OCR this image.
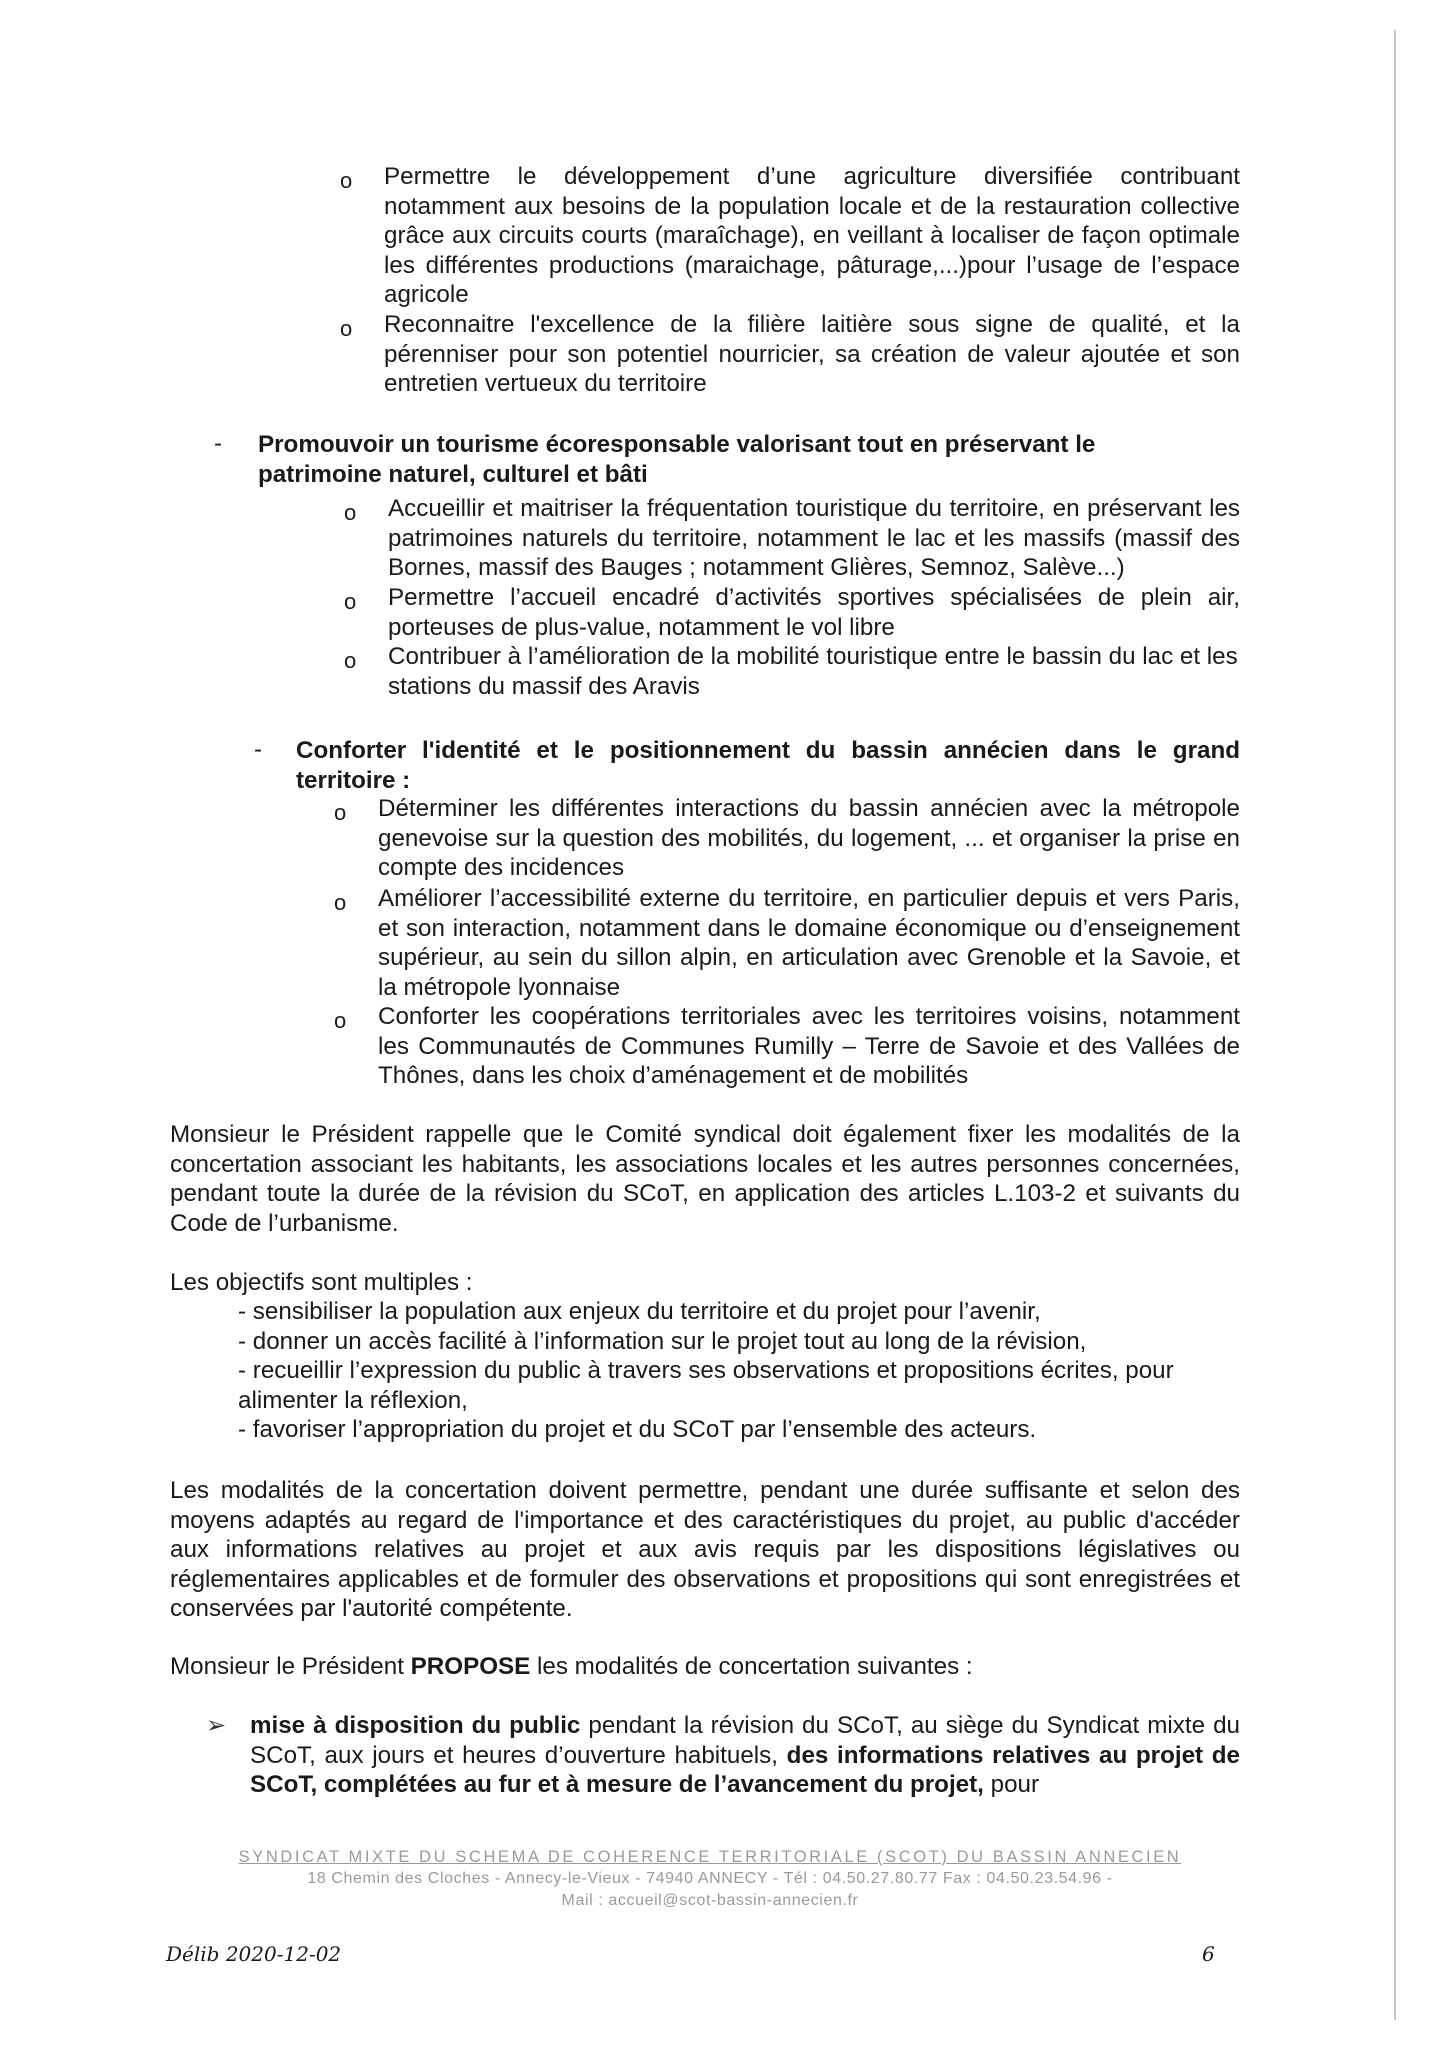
o Permettre le développement d’une agriculture diversifiée contribuant notamment aux besoins de la population locale et de la restauration collective grâce aux circuits courts (maraîchage), en veillant à localiser de façon optimale les différentes productions (maraichage, pâturage,...)pour l’usage de l’espace agricole
o Reconnaitre l'excellence de la filière laitière sous signe de qualité, et la pérenniser pour son potentiel nourricier, sa création de valeur ajoutée et son entretien vertueux du territoire
- Promouvoir un tourisme écoresponsable valorisant tout en préservant le patrimoine naturel, culturel et bâti
o Accueillir et maitriser la fréquentation touristique du territoire, en préservant les patrimoines naturels du territoire, notamment le lac et les massifs (massif des Bornes, massif des Bauges ; notamment Glières, Semnoz, Salève...)
o Permettre l’accueil encadré d’activités sportives spécialisées de plein air, porteuses de plus-value, notamment le vol libre
o Contribuer à l’amélioration de la mobilité touristique entre le bassin du lac et les stations du massif des Aravis
- Conforter l'identité et le positionnement du bassin annécien dans le grand territoire :
o Déterminer les différentes interactions du bassin annécien avec la métropole genevoise sur la question des mobilités, du logement, ... et organiser la prise en compte des incidences
o Améliorer l’accessibilité externe du territoire, en particulier depuis et vers Paris, et son interaction, notamment dans le domaine économique ou d’enseignement supérieur, au sein du sillon alpin, en articulation avec Grenoble et la Savoie, et la métropole lyonnaise
o Conforter les coopérations territoriales avec les territoires voisins, notamment les Communautés de Communes Rumilly – Terre de Savoie et des Vallées de Thônes, dans les choix d’aménagement et de mobilités
Monsieur le Président rappelle que le Comité syndical doit également fixer les modalités de la concertation associant les habitants, les associations locales et les autres personnes concernées, pendant toute la durée de la révision du SCoT, en application des articles L.103-2 et suivants du Code de l’urbanisme.
Les objectifs sont multiples :
- sensibiliser la population aux enjeux du territoire et du projet pour l’avenir,
- donner un accès facilité à l’information sur le projet tout au long de la révision,
- recueillir l’expression du public à travers ses observations et propositions écrites, pour alimenter la réflexion,
- favoriser l’appropriation du projet et du SCoT par l’ensemble des acteurs.
Les modalités de la concertation doivent permettre, pendant une durée suffisante et selon des moyens adaptés au regard de l'importance et des caractéristiques du projet, au public d'accéder aux informations relatives au projet et aux avis requis par les dispositions législatives ou réglementaires applicables et de formuler des observations et propositions qui sont enregistrées et conservées par l'autorité compétente.
Monsieur le Président PROPOSE les modalités de concertation suivantes :
➢ mise à disposition du public pendant la révision du SCoT, au siège du Syndicat mixte du SCoT, aux jours et heures d’ouverture habituels, des informations relatives au projet de SCoT, complétées au fur et à mesure de l’avancement du projet, pour
SYNDICAT MIXTE DU SCHEMA DE COHERENCE TERRITORIALE (SCOT) DU BASSIN ANNECIEN
18 Chemin des Cloches - Annecy-le-Vieux - 74940 ANNECY - Tél : 04.50.27.80.77 Fax : 04.50.23.54.96 -
Mail : accueil@scot-bassin-annecien.fr
Délib 2020-12-02	6
